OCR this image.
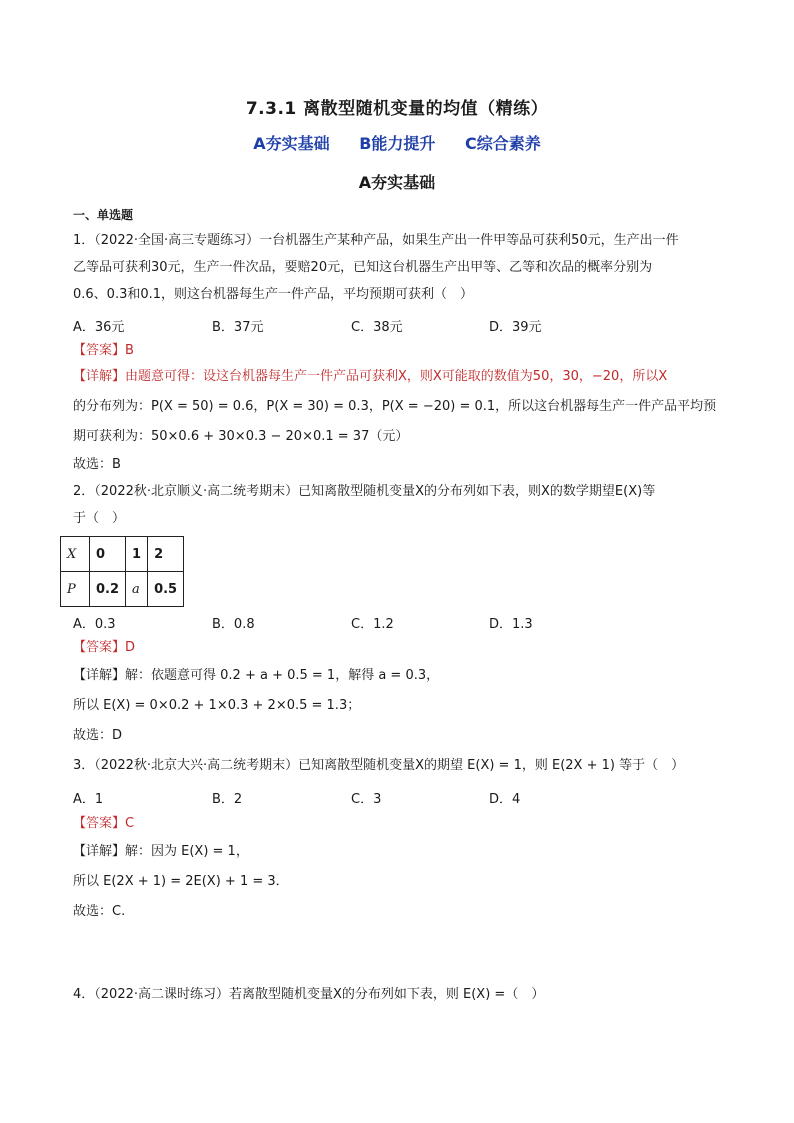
7.3.1 离散型随机变量的均值（精练）
A夯实基础 B能力提升 C综合素养
A夯实基础
一、单选题
1．（2022·全国·高三专题练习）一台机器生产某种产品，如果生产出一件甲等品可获利50元，生产出一件
乙等品可获利30元，生产一件次品，要赔20元，已知这台机器生产出甲等、乙等和次品的概率分别为
0.6、0.3和0.1，则这台机器每生产一件产品，平均预期可获利（　）
A．36元	B．37元	C．38元	D．39元
【答案】B
【详解】由题意可得：设这台机器每生产一件产品可获利X，则X可能取的数值为50，30，−20，所以X
的分布列为：P(X = 50) = 0.6，P(X = 30) = 0.3，P(X = −20) = 0.1，所以这台机器每生产一件产品平均预
期可获利为：50×0.6 + 30×0.3 − 20×0.1 = 37（元）
故选：B
2．（2022秋·北京顺义·高二统考期末）已知离散型随机变量X的分布列如下表，则X的数学期望E(X)等
于（　）
X	0	1	2
P	0.2	a	0.5
A．0.3	B．0.8	C．1.2	D．1.3
【答案】D
【详解】解：依题意可得 0.2 + a + 0.5 = 1，解得 a = 0.3，
所以 E(X) = 0×0.2 + 1×0.3 + 2×0.5 = 1.3；
故选：D
3．（2022秋·北京大兴·高二统考期末）已知离散型随机变量X的期望 E(X) = 1，则 E(2X + 1) 等于（　）
A．1	B．2	C．3	D．4
【答案】C
【详解】解：因为 E(X) = 1，
所以 E(2X + 1) = 2E(X) + 1 = 3．
故选：C.
4．（2022·高二课时练习）若离散型随机变量X的分布列如下表，则 E(X) =（　）
